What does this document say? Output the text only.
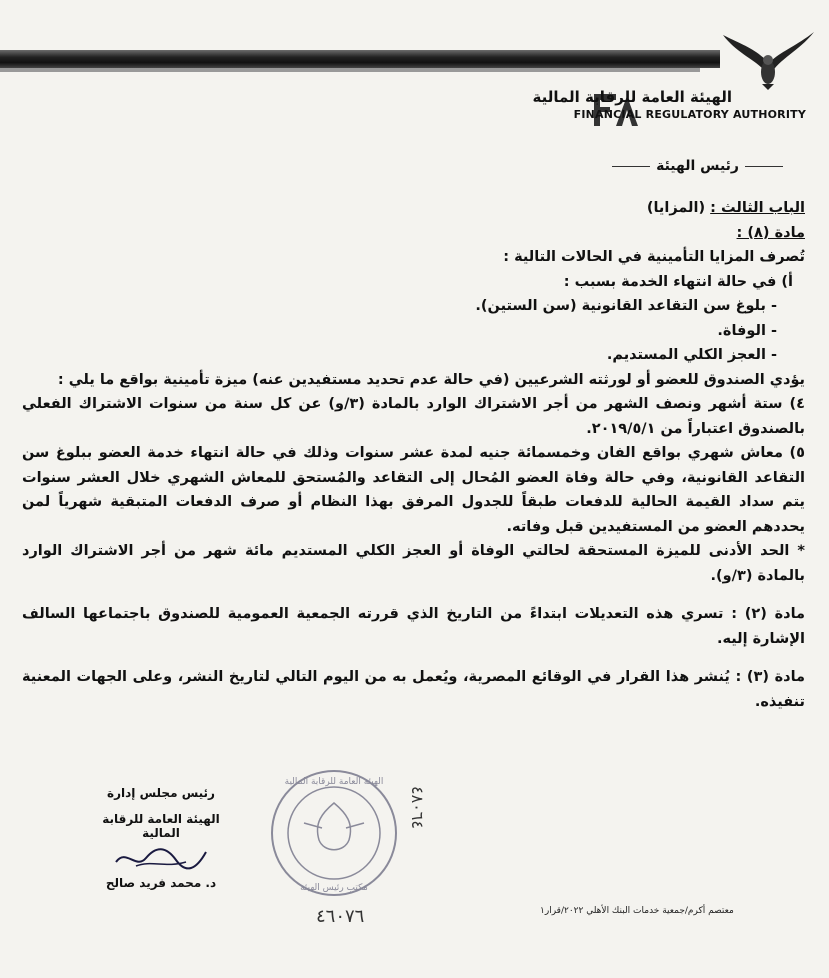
الهيئة العامة للرقابة المالية
FINANCIAL REGULATORY AUTHORITY
رئيس الهيئة

الباب الثالث : (المزايا)

مادة (٨) :

تُصرف المزايا التأمينية في الحالات التالية :

أ) في حالة انتهاء الخدمة بسبب :

- بلوغ سن التقاعد القانونية (سن الستين).

- الوفاة.

- العجز الكلي المستديم.

يؤدي الصندوق للعضو أو لورثته الشرعيين (في حالة عدم تحديد مستفيدين عنه) ميزة تأمينية بواقع ما يلي :

٤) ستة أشهر ونصف الشهر من أجر الاشتراك الوارد بالمادة (٣/و) عن كل سنة من سنوات الاشتراك الفعلي بالصندوق اعتباراً من ٢٠١٩/٥/١.

٥) معاش شهري بواقع الفان وخمسمائة جنيه لمدة عشر سنوات وذلك في حالة انتهاء خدمة العضو ببلوغ سن التقاعد القانونية، وفي حالة وفاة العضو المُحال إلى التقاعد والمُستحق للمعاش الشهري خلال العشر سنوات يتم سداد القيمة الحالية للدفعات طبقاً للجدول المرفق بهذا النظام أو صرف الدفعات المتبقية شهرياً لمن يحددهم العضو من المستفيدين قبل وفاته.

* الحد الأدنى للميزة المستحقة لحالتي الوفاة أو العجز الكلي المستديم مائة شهر من أجر الاشتراك الوارد بالمادة (٣/و).

مادة (٢) : تسري هذه التعديلات ابتداءً من التاريخ الذي قررته الجمعية العمومية للصندوق باجتماعها السالف الإشارة إليه.

مادة (٣) : يُنشر هذا القرار في الوقائع المصرية، ويُعمل به من اليوم التالي لتاريخ النشر، وعلى الجهات المعنية تنفيذه.

رئيس مجلس إدارة
الهيئة العامة للرقابة المالية
د. محمد فريد صالح
الهيئة العامة للرقابة المالية
مكتب رئيس الهيئة
٤٨٠٦٤
٤٦٠٧٦	معتصم أكرم/جمعية خدمات البنك الأهلي ٢٠٢٢/قرار١
